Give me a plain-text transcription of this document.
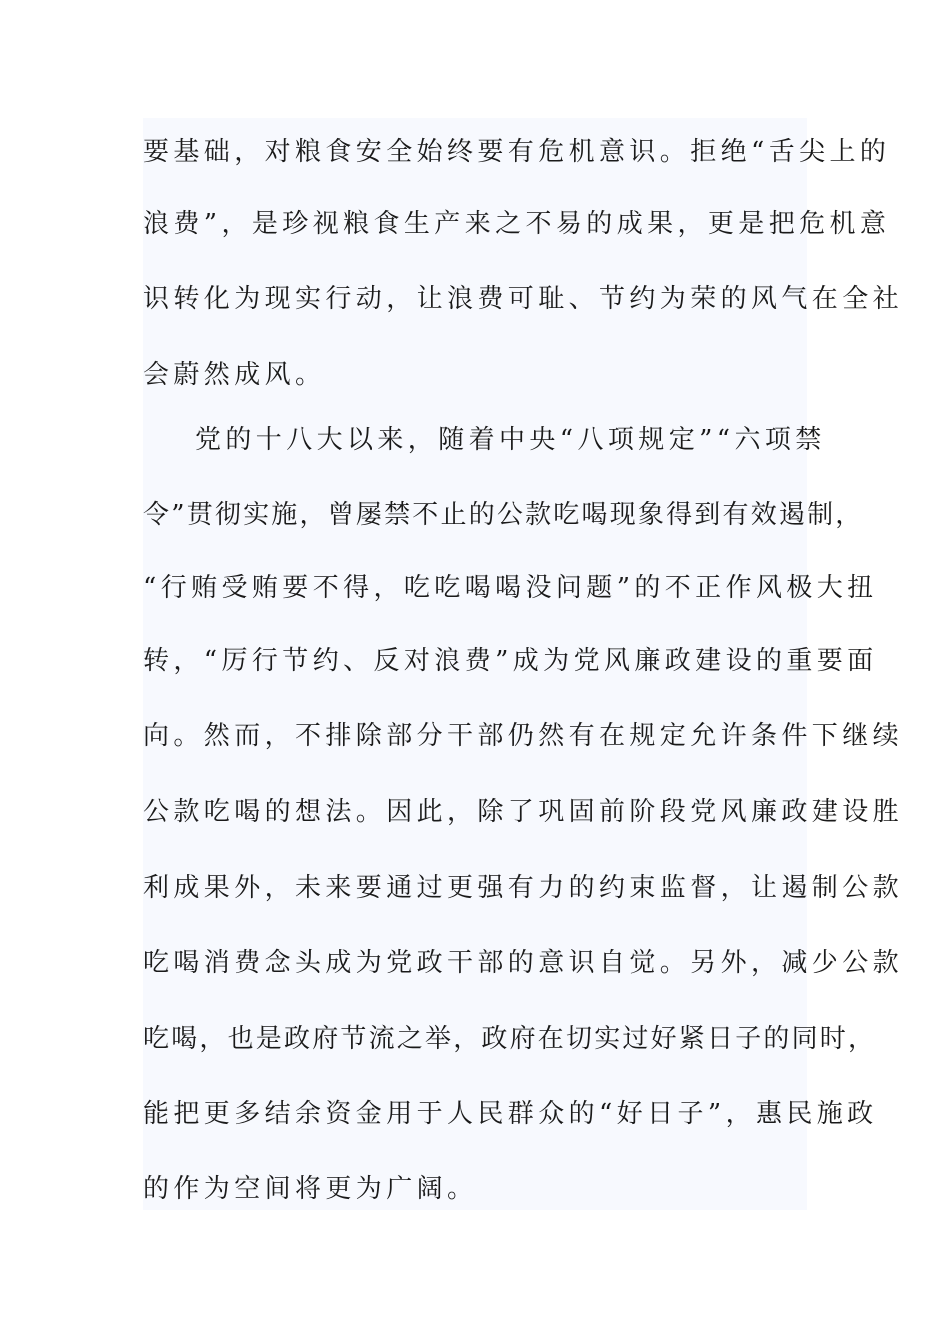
要基础，对粮食安全始终要有危机意识。拒绝“舌尖上的
浪费”，是珍视粮食生产来之不易的成果，更是把危机意
识转化为现实行动，让浪费可耻、节约为荣的风气在全社
会蔚然成风。
党的十八大以来，随着中央“八项规定”“六项禁
令”贯彻实施，曾屡禁不止的公款吃喝现象得到有效遏制，
“行贿受贿要不得，吃吃喝喝没问题”的不正作风极大扭
转，“厉行节约、反对浪费”成为党风廉政建设的重要面
向。然而，不排除部分干部仍然有在规定允许条件下继续
公款吃喝的想法。因此，除了巩固前阶段党风廉政建设胜
利成果外，未来要通过更强有力的约束监督，让遏制公款
吃喝消费念头成为党政干部的意识自觉。另外，减少公款
吃喝，也是政府节流之举，政府在切实过好紧日子的同时，
能把更多结余资金用于人民群众的“好日子”，惠民施政
的作为空间将更为广阔。
